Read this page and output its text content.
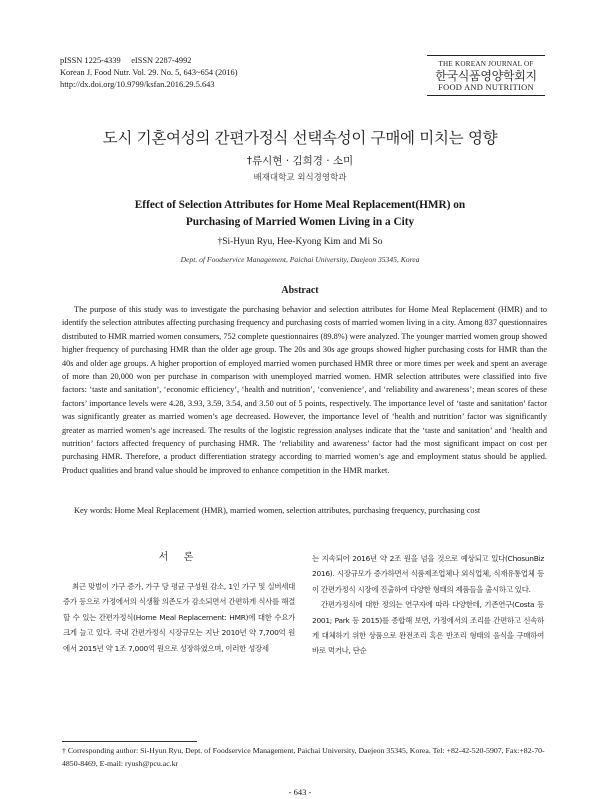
pISSN 1225-4339     eISSN 2287-4992
Korean J. Food Nutr. Vol. 29. No. 5, 643~654 (2016)
http://dx.doi.org/10.9799/ksfan.2016.29.5.643
THE KOREAN JOURNAL OF
한국식품영양학회지
FOOD AND NUTRITION
도시 기혼여성의 간편가정식 선택속성이 구매에 미치는 영향
†류시현 · 김희경 · 소미
배재대학교 외식경영학과
Effect of Selection Attributes for Home Meal Replacement(HMR) on
Purchasing of Married Women Living in a City
†Si-Hyun Ryu, Hee-Kyong Kim and Mi So
Dept. of Foodservice Management, Paichai University, Daejeon 35345, Korea
Abstract

The purpose of this study was to investigate the purchasing behavior and selection attributes for Home Meal Replacement (HMR) and to identify the selection attributes affecting purchasing frequency and purchasing costs of married women living in a city. Among 837 questionnaires distributed to HMR married women consumers, 752 complete questionnaires (89.8%) were analyzed. The younger married women group showed higher frequency of purchasing HMR than the older age group. The 20s and 30s age groups showed higher purchasing costs for HMR than the 40s and older age groups. A higher proportion of employed married women purchased HMR three or more times per week and spent an average of more than 20,000 won per purchase in comparison with unemployed married women. HMR selection attributes were classified into five factors: ‘taste and sanitation’, ‘economic efficiency’, ‘health and nutrition’, ‘convenience’, and ‘reliability and awareness’; mean scores of these factors’ importance levels were 4.28, 3.93, 3.59, 3.54, and 3.50 out of 5 points, respectively. The importance level of ‘taste and sanitation’ factor was significantly greater as married women’s age decreased. However, the importance level of ‘health and nutrition’ factor was significantly greater as married women’s age increased. The results of the logistic regression analyses indicate that the ‘taste and sanitation’ and ‘health and nutrition’ factors affected frequency of purchasing HMR. The ‘reliability and awareness’ factor had the most significant impact on cost per purchasing HMR. Therefore, a product differentiation strategy according to married women’s age and employment status should be applied. Product qualities and brand value should be improved to enhance competition in the HMR market.

Key words: Home Meal Replacement (HMR), married women, selection attributes, purchasing frequency, purchasing cost

서 론

최근 맞벌이 가구 증가, 가구 당 평균 구성원 감소, 1인 가구 및 실버세대 증가 등으로 가정에서의 식생활 의존도가 감소되면서 간편하게 식사를 해결할 수 있는 간편가정식(Home Meal Replacement: HMR)에 대한 수요가 크게 늘고 있다. 국내 간편가정식 시장규모는 지난 2010년 약 7,700억 원에서 2015년 약 1조 7,000억 원으로 성장하였으며, 이러한 성장세

는 지속되어 2016년 약 2조 원을 넘을 것으로 예상되고 있다(ChosunBiz 2016). 시장규모가 증가하면서 식품제조업체나 외식업체, 식재유통업체 등이 간편가정식 시장에 진출하여 다양한 형태의 제품들을 출시하고 있다.

간편가정식에 대한 정의는 연구자에 따라 다양한데, 기존연구(Costa 등 2001; Park 등 2015)를 종합해 보면, 가정에서의 조리를 간편하고 신속하게 대체하기 위한 상품으로 완전조리 혹은 반조리 형태의 음식을 구매하여 바로 먹거나, 단순

† Corresponding author: Si-Hyun Ryu, Dept. of Foodservice Management, Paichai University, Daejeon 35345, Korea. Tel: +82-42-520-5907, Fax:+82-70-4850-8469, E-mail: ryush@pcu.ac.kr
- 643 -
